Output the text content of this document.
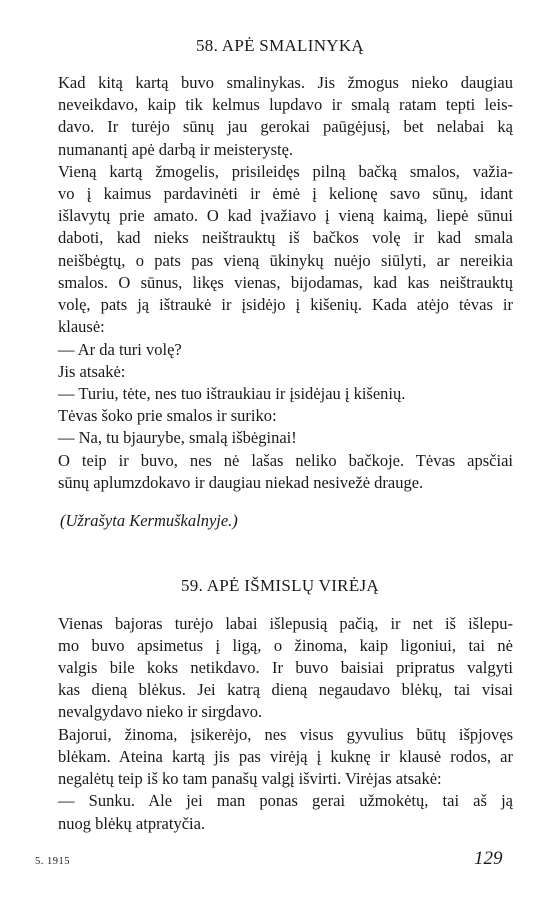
58. APĖ SMALINYKĄ
Kad kitą kartą buvo smalinykas. Jis žmogus nieko daugiau
neveikdavo, kaip tik kelmus lupdavo ir smalą ratam tepti leis-
davo. Ir turėjo sūnų jau gerokai paūgėjusį, bet nelabai ką
numanantį apė darbą ir meisterystę.
Vieną kartą žmogelis, prisileidęs pilną bačką smalos, važia-
vo į kaimus pardavinėti ir ėmė į kelionę savo sūnų, idant
išlavytų prie amato. O kad įvažiavo į vieną kaimą, liepė sūnui
daboti, kad nieks neištrauktų iš bačkos volę ir kad smala
neišbėgtų, o pats pas vieną ūkinykų nuėjo siūlyti, ar nereikia
smalos. O sūnus, likęs vienas, bijodamas, kad kas neištrauktų
volę, pats ją ištraukė ir įsidėjo į kišenių. Kada atėjo tėvas ir
klausė:
— Ar da turi volę?
Jis atsakė:
— Turiu, tėte, nes tuo ištraukiau ir įsidėjau į kišenių.
Tėvas šoko prie smalos ir suriko:
— Na, tu bjaurybe, smalą išbėginai!
O teip ir buvo, nes nė lašas neliko bačkoje. Tėvas apsčiai
sūnų aplumzdokavo ir daugiau niekad nesivežė drauge.
(Užrašyta Kermuškalnyje.)
59. APĖ IŠMISLŲ VIRĖJĄ
Vienas bajoras turėjo labai išlepusią pačią, ir net iš išlepu-
mo buvo apsimetus į ligą, o žinoma, kaip ligoniui, tai nė
valgis bile koks netikdavo. Ir buvo baisiai pripratus valgyti
kas dieną blėkus. Jei katrą dieną negaudavo blėkų, tai visai
nevalgydavo nieko ir sirgdavo.
Bajorui, žinoma, įsikerėjo, nes visus gyvulius būtų išpjovęs
blėkam. Ateina kartą jis pas virėją į kuknę ir klausė rodos, ar
negalėtų teip iš ko tam panašų valgį išvirti. Virėjas atsakė:
— Sunku. Ale jei man ponas gerai užmokėtų, tai aš ją
nuog blėkų atpratyčia.
5. 1915	129
